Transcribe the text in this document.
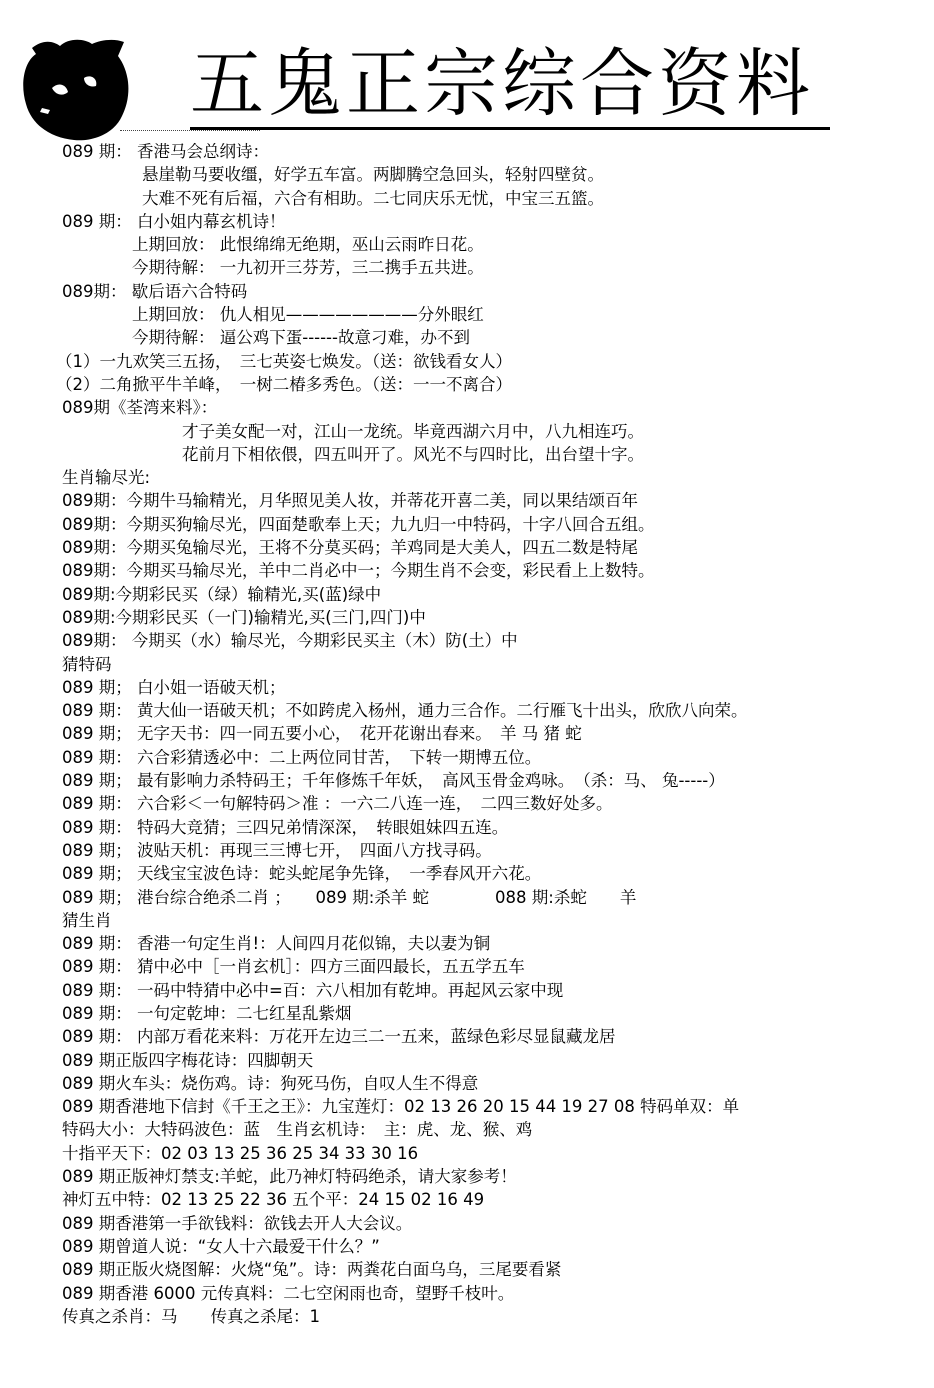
五鬼正宗综合资料
089 期： 香港马会总纲诗：
悬崖勒马要收缰，好学五车富。两脚腾空急回头，轻射四壁贫。
大难不死有后福，六合有相助。二七同庆乐无忧，中宝三五篮。
089 期： 白小姐内幕玄机诗！
上期回放： 此恨绵绵无绝期，巫山云雨昨日花。
今期待解： 一九初开三芬芳，三二携手五共进。
089期： 歇后语六合特码
上期回放： 仇人相见————————分外眼红
今期待解： 逼公鸡下蛋------故意刁难，办不到
（1）一九欢笑三五扬，　三七英姿七焕发。（送：欲钱看女人）
（2）二角掀平牛羊峰，　一树二椿多秀色。（送：一一不离合）
089期《荃湾来料》：
才子美女配一对，江山一龙统。毕竟西湖六月中，八九相连巧。
花前月下相依偎，四五叫开了。风光不与四时比，出台望十字。
生肖输尽光:
089期：今期牛马输精光，月华照见美人妆，并蒂花开喜二美，同以果结颂百年
089期：今期买狗输尽光，四面楚歌奉上天；九九归一中特码，十字八回合五组。
089期：今期买兔输尽光，王将不分莫买码；羊鸡同是大美人，四五二数是特尾
089期：今期买马输尽光，羊中二肖必中一；今期生肖不会变，彩民看上上数特。
089期:今期彩民买（绿）输精光,买(蓝)绿中
089期:今期彩民买（一门)输精光,买(三门,四门)中
089期： 今期买（水）输尽光，今期彩民买主（木）防(土）中
猜特码
089 期； 白小姐一语破天机；
089 期： 黄大仙一语破天机；不如跨虎入杨州，通力三合作。二行雁飞十出头，欣欣八向荣。
089 期； 无字天书：四一同五要小心，　花开花谢出春来。　羊 马 猪 蛇
089 期： 六合彩猜透必中：二上两位同甘苦，　下转一期博五位。
089 期； 最有影响力杀特码王；千年修炼千年妖，　高风玉骨金鸡咏。　（杀：马、 兔-----）
089 期： 六合彩＜一句解特码＞准 ：一六二八连一连，　二四三数好处多。
089 期： 特码大竞猜；三四兄弟情深深，　转眼姐妹四五连。
089 期； 波贴天机：再现三三博七开，　四面八方找寻码。
089 期； 天线宝宝波色诗：蛇头蛇尾争先锋，　一季春风开六花。
089 期； 港台综合绝杀二肖 ；　　089 期:杀羊 蛇　　　　088 期:杀蛇　　羊
猜生肖
089 期： 香港一句定生肖!：人间四月花似锦，夫以妻为铜
089 期： 猜中必中［一肖玄机］：四方三面四最长，五五学五车
089 期： 一码中特猜中必中=百：六八相加有乾坤。再起风云家中现
089 期： 一句定乾坤：二七红星乱紫烟
089 期： 内部万看花来料：万花开左边三二一五来，蓝绿色彩尽显鼠藏龙居
089 期正版四字梅花诗：四脚朝天
089 期火车头：烧伤鸡。诗：狗死马伤，自叹人生不得意
089 期香港地下信封《千王之王》：九宝莲灯：02 13 26 20 15 44 19 27 08 特码单双：单
特码大小：大特码波色：蓝　生肖玄机诗：　主：虎、龙、猴、鸡
十指平天下：02 03 13 25 36 25 34 33 30 16
089 期正版神灯禁支:羊蛇，此乃神灯特码绝杀，请大家参考！
神灯五中特：02 13 25 22 36 五个平：24 15 02 16 49
089 期香港第一手欲钱料：欲钱去开人大会议。
089 期曾道人说：“女人十六最爱干什么？”
089 期正版火烧图解：火烧“兔”。诗：两粪花白面乌乌，三尾要看紧
089 期香港 6000 元传真料：二七空闲雨也奇，望野千枝叶。
传真之杀肖：马　　传真之杀尾：1
